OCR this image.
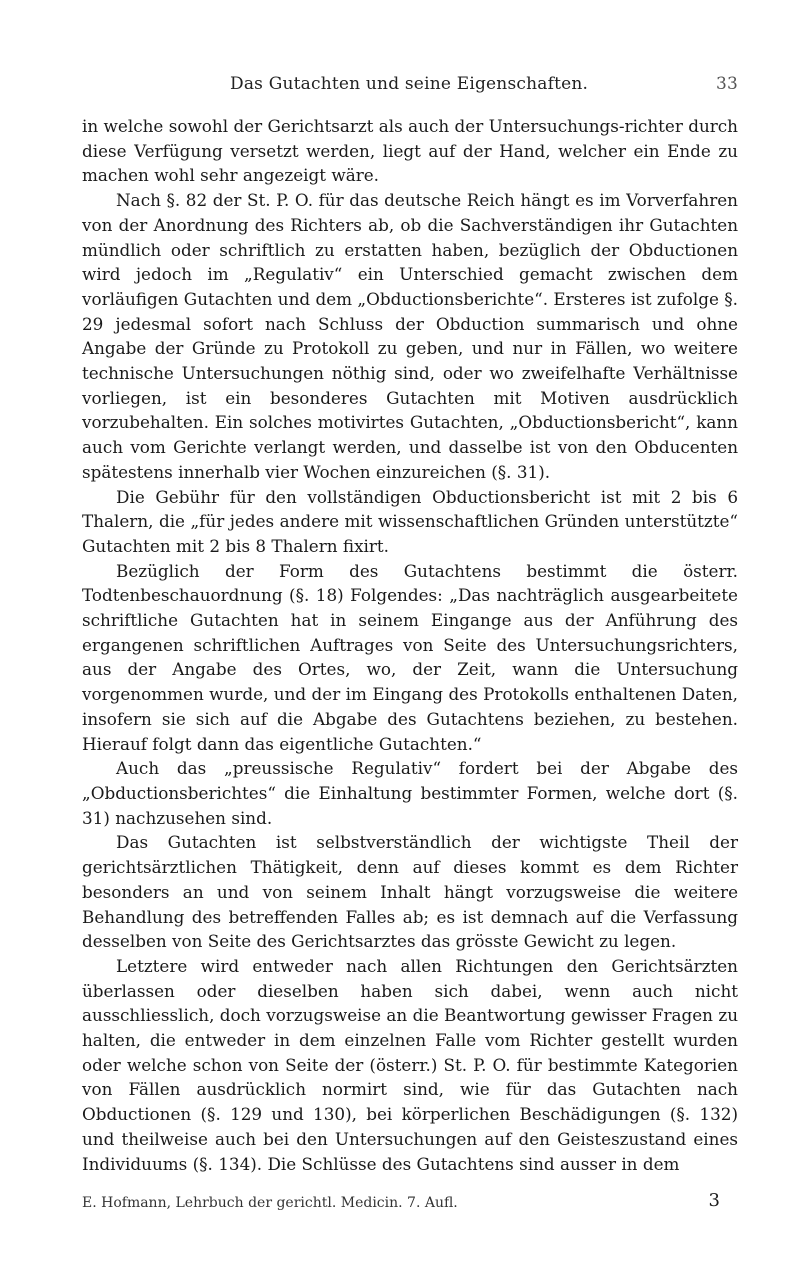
Das Gutachten und seine Eigenschaften.	33

in welche sowohl der Gerichtsarzt als auch der Untersuchungs-richter durch diese Verfügung versetzt werden, liegt auf der Hand, welcher ein Ende zu machen wohl sehr angezeigt wäre.

Nach §. 82 der St. P. O. für das deutsche Reich hängt es im Vorverfahren von der Anordnung des Richters ab, ob die Sachverständigen ihr Gutachten mündlich oder schriftlich zu erstatten haben, bezüglich der Obductionen wird jedoch im „Regulativ“ ein Unterschied gemacht zwischen dem vorläufigen Gutachten und dem „Obductionsberichte“. Ersteres ist zufolge §. 29 jedesmal sofort nach Schluss der Obduction summarisch und ohne Angabe der Gründe zu Protokoll zu geben, und nur in Fällen, wo weitere technische Untersuchungen nöthig sind, oder wo zweifelhafte Verhältnisse vorliegen, ist ein besonderes Gutachten mit Motiven ausdrücklich vorzubehalten. Ein solches motivirtes Gutachten, „Obductionsbericht“, kann auch vom Gerichte verlangt werden, und dasselbe ist von den Obducenten spätestens innerhalb vier Wochen einzureichen (§. 31).

Die Gebühr für den vollständigen Obductionsbericht ist mit 2 bis 6 Thalern, die „für jedes andere mit wissenschaftlichen Gründen unterstützte“ Gutachten mit 2 bis 8 Thalern fixirt.

Bezüglich der Form des Gutachtens bestimmt die österr. Todtenbeschauordnung (§. 18) Folgendes: „Das nachträglich ausgearbeitete schriftliche Gutachten hat in seinem Eingange aus der Anführung des ergangenen schriftlichen Auftrages von Seite des Untersuchungsrichters, aus der Angabe des Ortes, wo, der Zeit, wann die Untersuchung vorgenommen wurde, und der im Eingang des Protokolls enthaltenen Daten, insofern sie sich auf die Abgabe des Gutachtens beziehen, zu bestehen. Hierauf folgt dann das eigentliche Gutachten.“

Auch das „preussische Regulativ“ fordert bei der Abgabe des „Obductionsberichtes“ die Einhaltung bestimmter Formen, welche dort (§. 31) nachzusehen sind.

Das Gutachten ist selbstverständlich der wichtigste Theil der gerichtsärztlichen Thätigkeit, denn auf dieses kommt es dem Richter besonders an und von seinem Inhalt hängt vorzugsweise die weitere Behandlung des betreffenden Falles ab; es ist demnach auf die Verfassung desselben von Seite des Gerichtsarztes das grösste Gewicht zu legen.

Letztere wird entweder nach allen Richtungen den Gerichtsärzten überlassen oder dieselben haben sich dabei, wenn auch nicht ausschliesslich, doch vorzugsweise an die Beantwortung gewisser Fragen zu halten, die entweder in dem einzelnen Falle vom Richter gestellt wurden oder welche schon von Seite der (österr.) St. P. O. für bestimmte Kategorien von Fällen ausdrücklich normirt sind, wie für das Gutachten nach Obductionen (§. 129 und 130), bei körperlichen Beschädigungen (§. 132) und theilweise auch bei den Untersuchungen auf den Geisteszustand eines Individuums (§. 134). Die Schlüsse des Gutachtens sind ausser in dem

E. Hofmann, Lehrbuch der gerichtl. Medicin. 7. Aufl.	3
